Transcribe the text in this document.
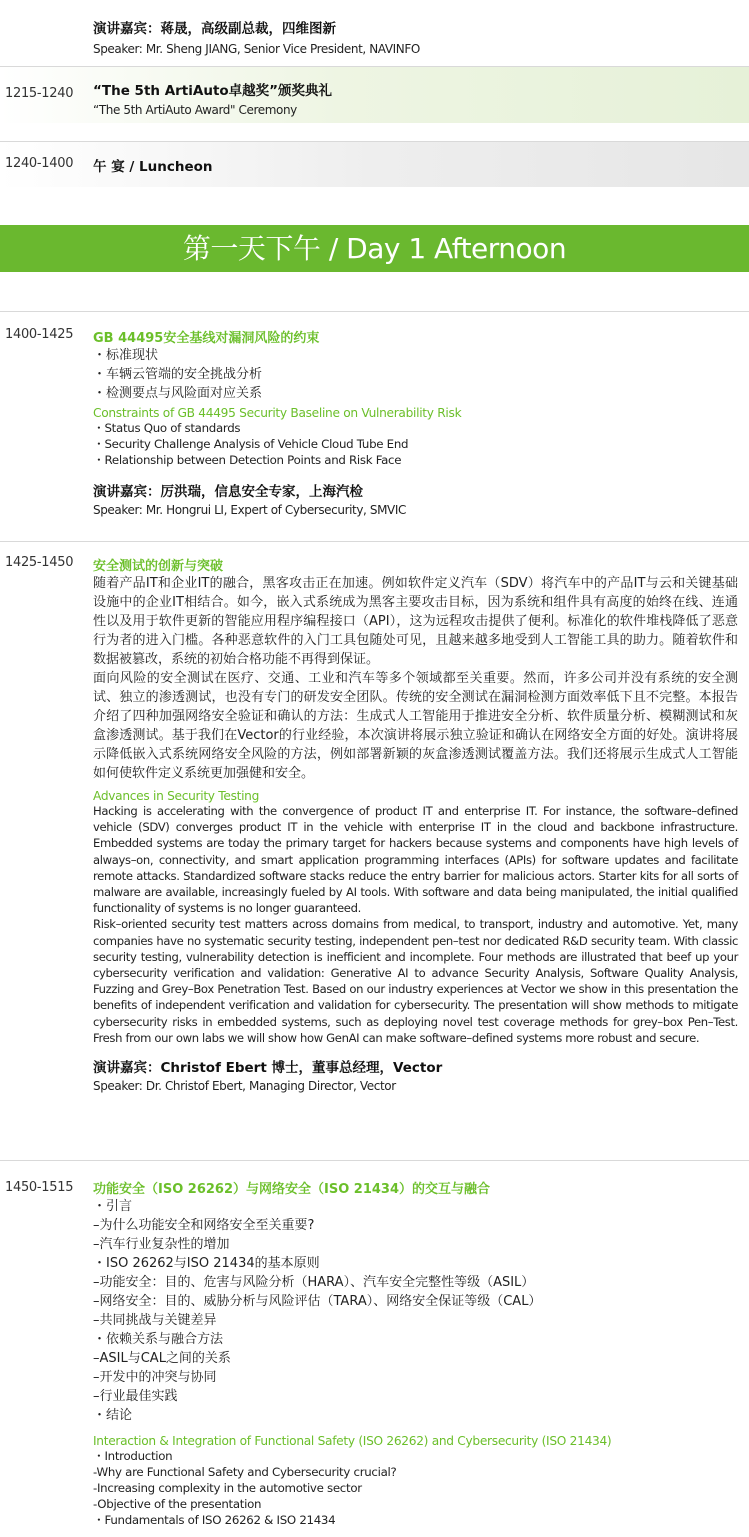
演讲嘉宾：蒋晟，高级副总裁，四维图新
Speaker: Mr. Sheng JIANG, Senior Vice President, NAVINFO
1215-1240 “The 5th ArtiAuto卓越奖”颁奖典礼
“The 5th ArtiAuto Award" Ceremony
1240-1400 午 宴 / Luncheon
第一天下午 / Day 1 Afternoon
1400-1425 GB 44495安全基线对漏洞风险的约束
・标准现状
・车辆云管端的安全挑战分析
・检测要点与风险面对应关系
Constraints of GB 44495 Security Baseline on Vulnerability Risk
・Status Quo of standards
・Security Challenge Analysis of Vehicle Cloud Tube End
・Relationship between Detection Points and Risk Face
演讲嘉宾：厉洪瑞，信息安全专家，上海汽检
Speaker: Mr. Hongrui LI, Expert of Cybersecurity, SMVIC
1425-1450 安全测试的创新与突破

随着产品IT和企业IT的融合，黑客攻击正在加速。例如软件定义汽车（SDV）将汽车中的产品IT与云和关键基础设施中的企业IT相结合。如今，嵌入式系统成为黑客主要攻击目标，因为系统和组件具有高度的始终在线、连通性以及用于软件更新的智能应用程序编程接口（API），这为远程攻击提供了便利。标准化的软件堆栈降低了恶意行为者的进入门槛。各种恶意软件的入门工具包随处可见，且越来越多地受到人工智能工具的助力。随着软件和数据被篡改，系统的初始合格功能不再得到保证。

面向风险的安全测试在医疗、交通、工业和汽车等多个领域都至关重要。然而，许多公司并没有系统的安全测试、独立的渗透测试，也没有专门的研发安全团队。传统的安全测试在漏洞检测方面效率低下且不完整。本报告介绍了四种加强网络安全验证和确认的方法：生成式人工智能用于推进安全分析、软件质量分析、模糊测试和灰盒渗透测试。基于我们在Vector的行业经验，本次演讲将展示独立验证和确认在网络安全方面的好处。演讲将展示降低嵌入式系统网络安全风险的方法，例如部署新颖的灰盒渗透测试覆盖方法。我们还将展示生成式人工智能如何使软件定义系统更加强健和安全。

Advances in Security Testing

Hacking is accelerating with the convergence of product IT and enterprise IT. For instance, the software–defined vehicle (SDV) converges product IT in the vehicle with enterprise IT in the cloud and backbone infrastructure. Embedded systems are today the primary target for hackers because systems and components have high levels of always–on, connectivity, and smart application programming interfaces (APIs) for software updates and facilitate remote attacks. Standardized software stacks reduce the entry barrier for malicious actors. Starter kits for all sorts of malware are available, increasingly fueled by AI tools. With software and data being manipulated, the initial qualified functionality of systems is no longer guaranteed.

Risk–oriented security test matters across domains from medical, to transport, industry and automotive. Yet, many companies have no systematic security testing, independent pen–test nor dedicated R&D security team. With classic security testing, vulnerability detection is inefficient and incomplete. Four methods are illustrated that beef up your cybersecurity verification and validation: Generative AI to advance Security Analysis, Software Quality Analysis, Fuzzing and Grey–Box Penetration Test. Based on our industry experiences at Vector we show in this presentation the benefits of independent verification and validation for cybersecurity. The presentation will show methods to mitigate cybersecurity risks in embedded systems, such as deploying novel test coverage methods for grey–box Pen–Test. Fresh from our own labs we will show how GenAI can make software–defined systems more robust and secure.

演讲嘉宾：Christof Ebert 博士，董事总经理，Vector
Speaker: Dr. Christof Ebert, Managing Director, Vector
1450-1515 功能安全（ISO 26262）与网络安全（ISO 21434）的交互与融合
・引言
–为什么功能安全和网络安全至关重要?
–汽车行业复杂性的增加
・ISO 26262与ISO 21434的基本原则
–功能安全：目的、危害与风险分析（HARA）、汽车安全完整性等级（ASIL）
–网络安全：目的、威胁分析与风险评估（TARA）、网络安全保证等级（CAL）
–共同挑战与关键差异
・依赖关系与融合方法
–ASIL与CAL之间的关系
–开发中的冲突与协同
–行业最佳实践
・结论
Interaction & Integration of Functional Safety (ISO 26262) and Cybersecurity (ISO 21434)
・Introduction
-Why are Functional Safety and Cybersecurity crucial?
-Increasing complexity in the automotive sector
-Objective of the presentation
・Fundamentals of ISO 26262 & ISO 21434
